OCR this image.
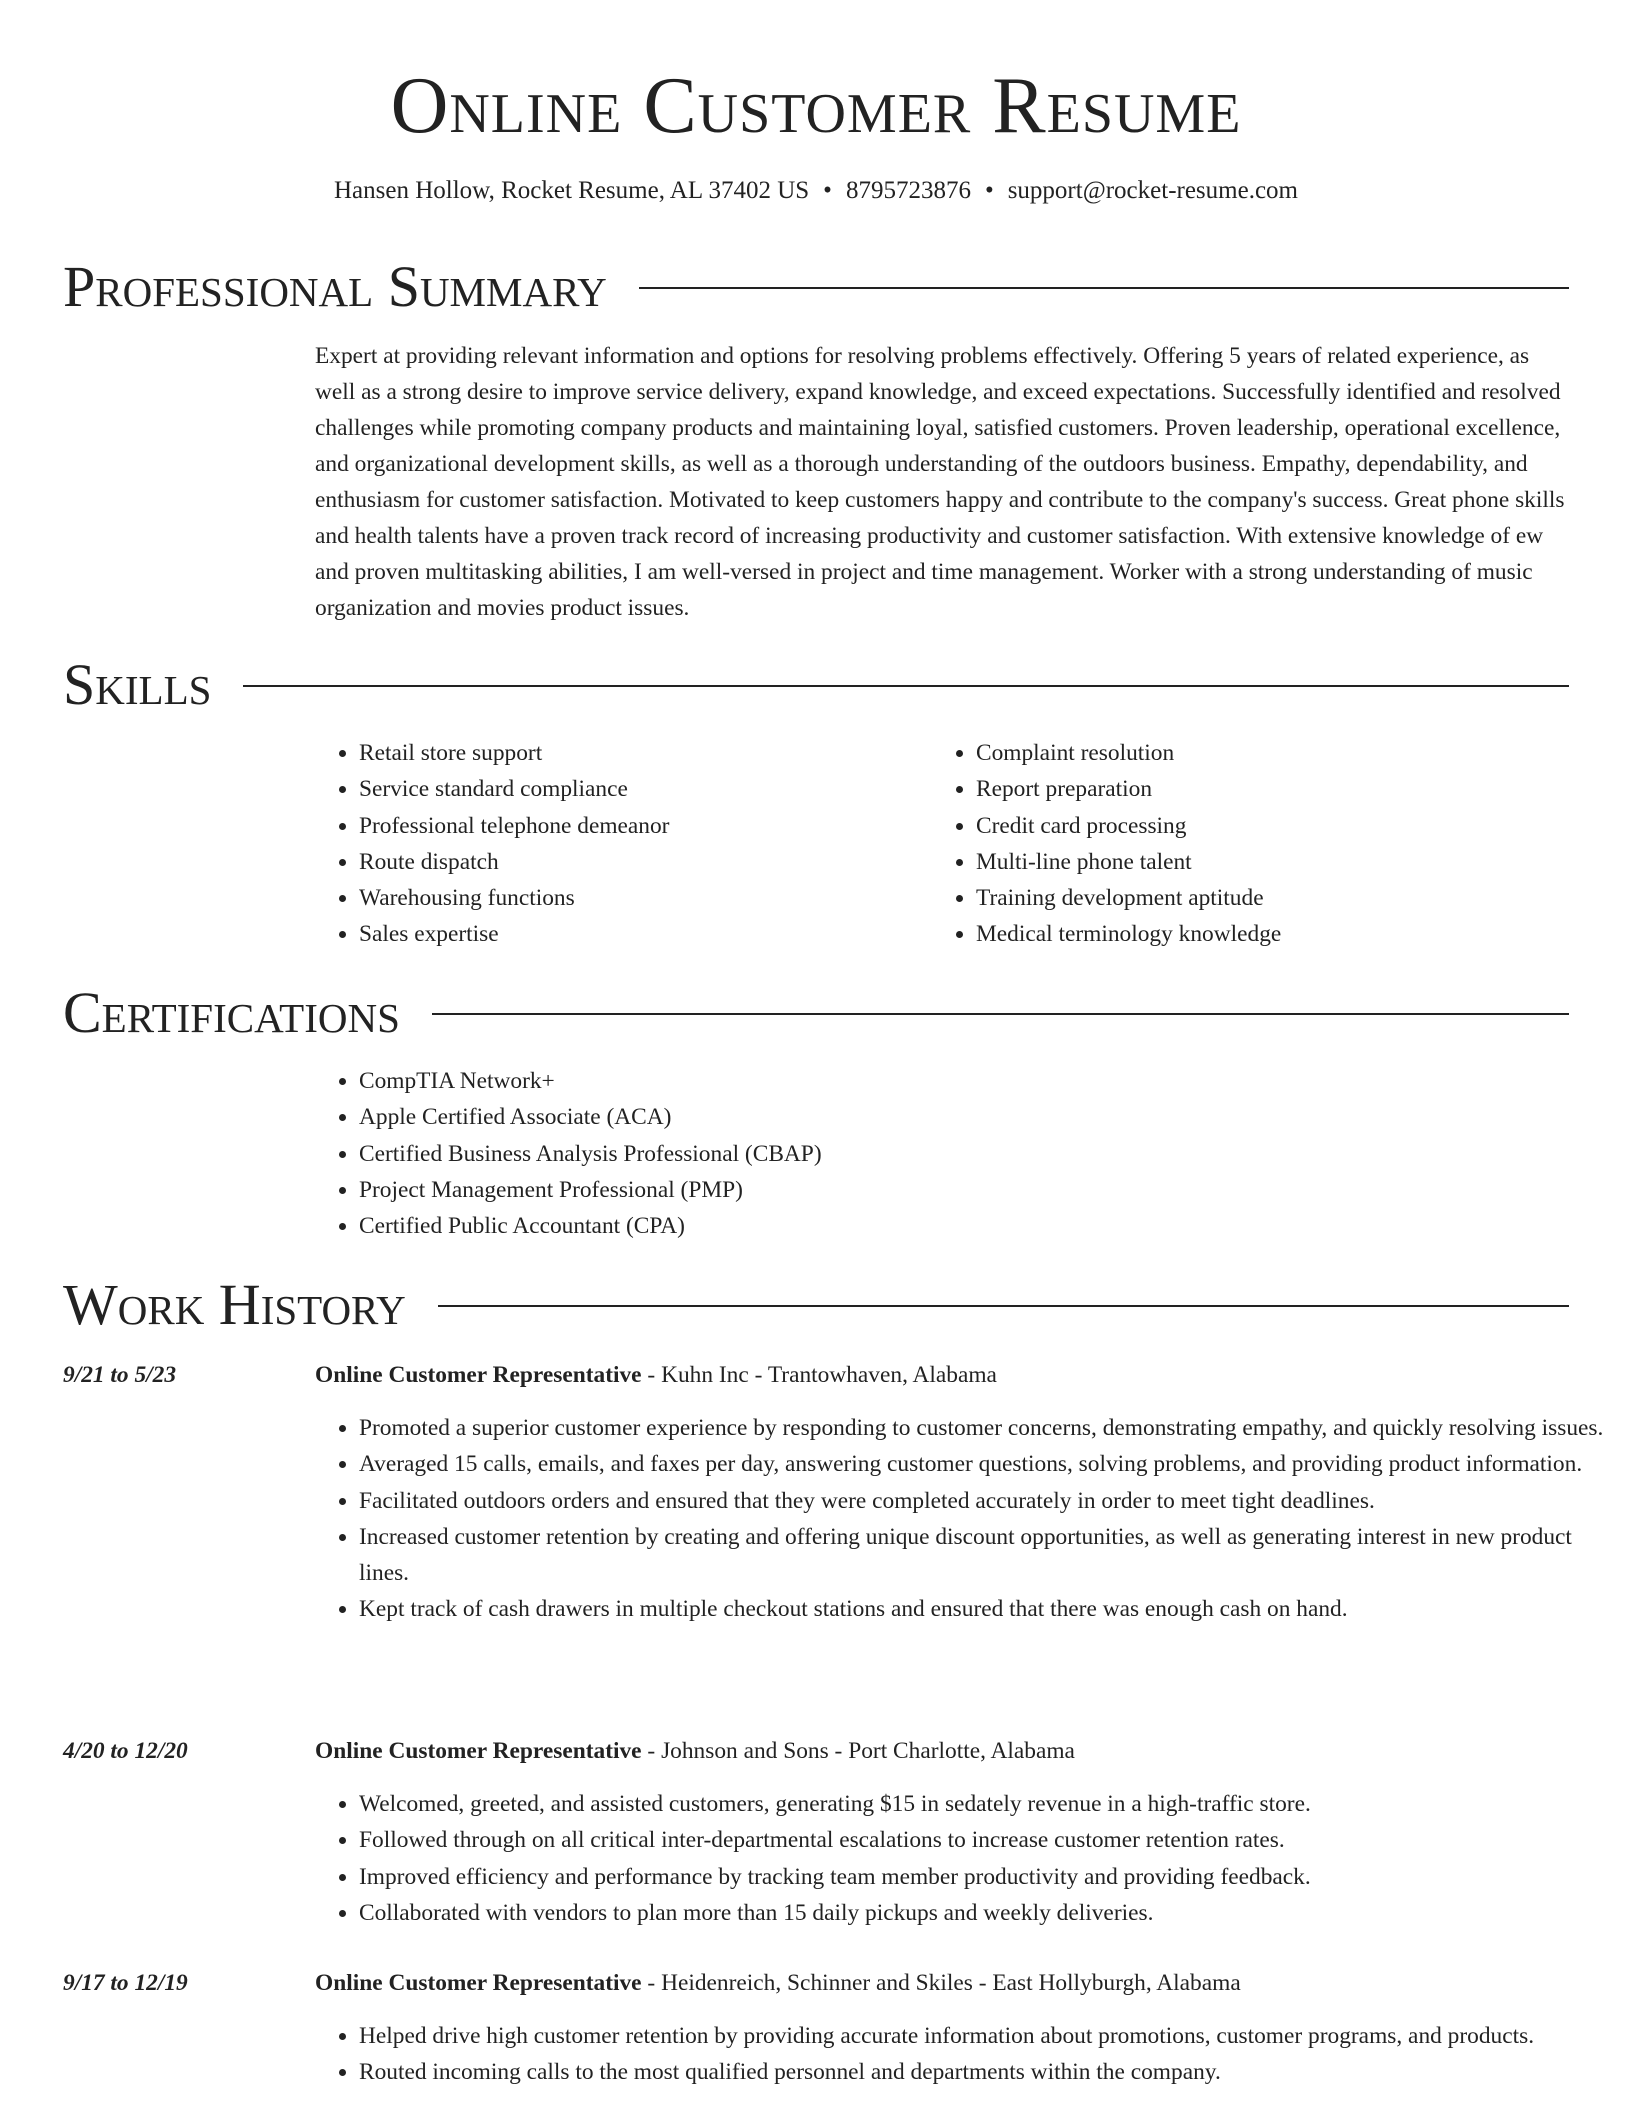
Online Customer Resume
Hansen Hollow, Rocket Resume, AL 37402 US • 8795723876 • support@rocket-resume.com
Professional Summary

Expert at providing relevant information and options for resolving problems effectively. Offering 5 years of related experience, as well as a strong desire to improve service delivery, expand knowledge, and exceed expectations. Successfully identified and resolved challenges while promoting company products and maintaining loyal, satisfied customers. Proven leadership, operational excellence, and organizational development skills, as well as a thorough understanding of the outdoors business. Empathy, dependability, and enthusiasm for customer satisfaction. Motivated to keep customers happy and contribute to the company's success. Great phone skills and health talents have a proven track record of increasing productivity and customer satisfaction. With extensive knowledge of ew and proven multitasking abilities, I am well-versed in project and time management. Worker with a strong understanding of music organization and movies product issues.

Skills
• Retail store support
• Service standard compliance
• Professional telephone demeanor
• Route dispatch
• Warehousing functions
• Sales expertise
• Complaint resolution
• Report preparation
• Credit card processing
• Multi-line phone talent
• Training development aptitude
• Medical terminology knowledge
Certifications
• CompTIA Network+
• Apple Certified Associate (ACA)
• Certified Business Analysis Professional (CBAP)
• Project Management Professional (PMP)
• Certified Public Accountant (CPA)
Work History
9/21 to 5/23	Online Customer Representative - Kuhn Inc - Trantowhaven, Alabama
• Promoted a superior customer experience by responding to customer concerns, demonstrating empathy, and quickly resolving issues.
• Averaged 15 calls, emails, and faxes per day, answering customer questions, solving problems, and providing product information.
• Facilitated outdoors orders and ensured that they were completed accurately in order to meet tight deadlines.
• Increased customer retention by creating and offering unique discount opportunities, as well as generating interest in new product lines.
• Kept track of cash drawers in multiple checkout stations and ensured that there was enough cash on hand.
4/20 to 12/20	Online Customer Representative - Johnson and Sons - Port Charlotte, Alabama
• Welcomed, greeted, and assisted customers, generating $15 in sedately revenue in a high-traffic store.
• Followed through on all critical inter-departmental escalations to increase customer retention rates.
• Improved efficiency and performance by tracking team member productivity and providing feedback.
• Collaborated with vendors to plan more than 15 daily pickups and weekly deliveries.
9/17 to 12/19	Online Customer Representative - Heidenreich, Schinner and Skiles - East Hollyburgh, Alabama
• Helped drive high customer retention by providing accurate information about promotions, customer programs, and products.
• Routed incoming calls to the most qualified personnel and departments within the company.
